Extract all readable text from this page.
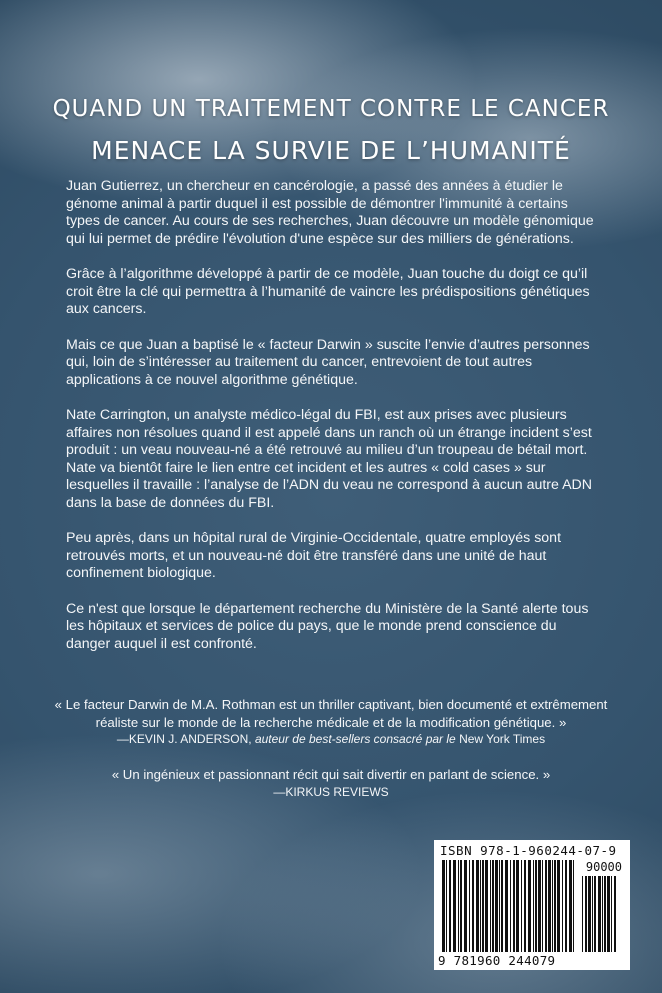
QUAND UN TRAITEMENT CONTRE LE CANCER
MENACE LA SURVIE DE L’HUMANITÉ

Juan Gutierrez, un chercheur en cancérologie, a passé des années à étudier le génome animal à partir duquel il est possible de démontrer l'immunité à certains types de cancer. Au cours de ses recherches, Juan découvre un modèle génomique qui lui permet de prédire l'évolution d'une espèce sur des milliers de générations.

Grâce à l’algorithme développé à partir de ce modèle, Juan touche du doigt ce qu’il croit être la clé qui permettra à l’humanité de vaincre les prédispositions génétiques aux cancers.

Mais ce que Juan a baptisé le « facteur Darwin » suscite l’envie d’autres personnes qui, loin de s’intéresser au traitement du cancer, entrevoient de tout autres applications à ce nouvel algorithme génétique.

Nate Carrington, un analyste médico-légal du FBI, est aux prises avec plusieurs affaires non résolues quand il est appelé dans un ranch où un étrange incident s’est produit : un veau nouveau-né a été retrouvé au milieu d’un troupeau de bétail mort. Nate va bientôt faire le lien entre cet incident et les autres « cold cases » sur lesquelles il travaille : l’analyse de l’ADN du veau ne correspond à aucun autre ADN dans la base de données du FBI.

Peu après, dans un hôpital rural de Virginie-Occidentale, quatre employés sont retrouvés morts, et un nouveau-né doit être transféré dans une unité de haut confinement biologique.

Ce n'est que lorsque le département recherche du Ministère de la Santé alerte tous les hôpitaux et services de police du pays, que le monde prend conscience du danger auquel il est confronté.

« Le facteur Darwin de M.A. Rothman est un thriller captivant, bien documenté et extrêmement
réaliste sur le monde de la recherche médicale et de la modification génétique. »
—KEVIN J. ANDERSON, auteur de best-sellers consacré par le New York Times
« Un ingénieux et passionnant récit qui sait divertir en parlant de science. »
—KIRKUS REVIEWS
ISBN 978-1-960244-07-9
90000
9 781960 244079
